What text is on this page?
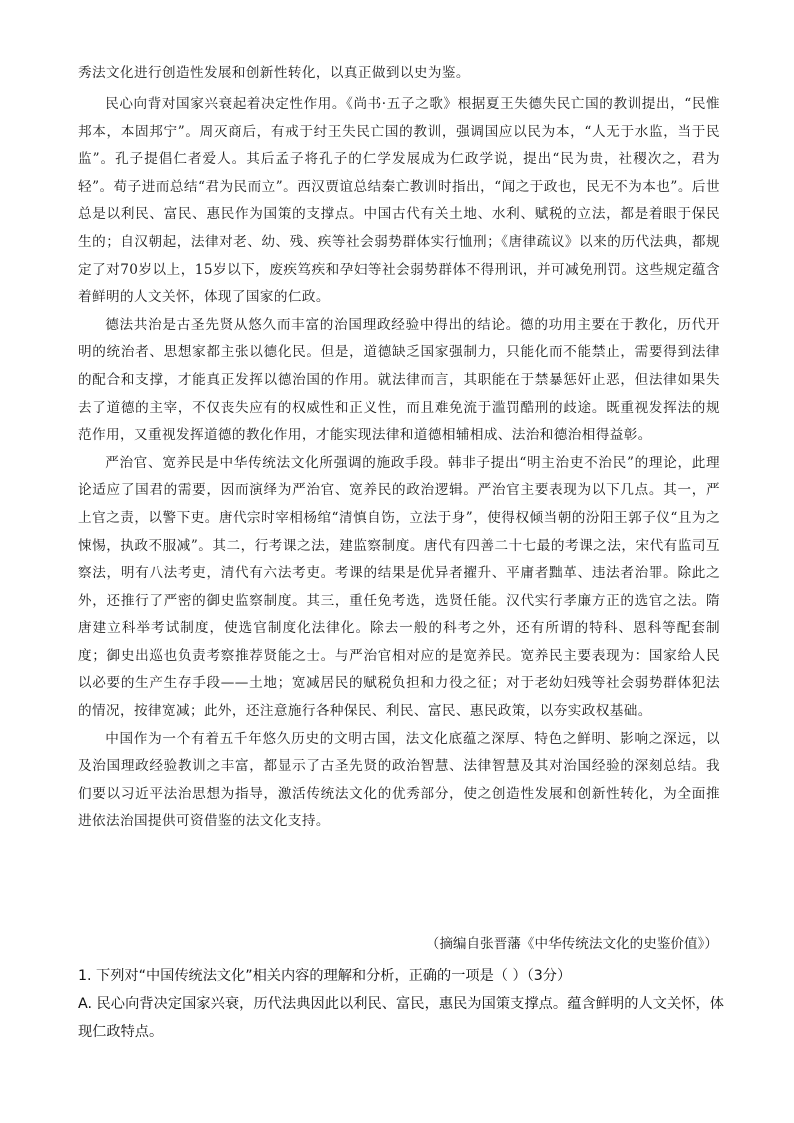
秀法文化进行创造性发展和创新性转化，以真正做到以史为鉴。

民心向背对国家兴衰起着决定性作用。《尚书·五子之歌》根据夏王失德失民亡国的教训提出，“民惟邦本，本固邦宁”。周灭商后，有戒于纣王失民亡国的教训，强调国应以民为本，“人无于水监，当于民监”。孔子提倡仁者爱人。其后孟子将孔子的仁学发展成为仁政学说，提出“民为贵，社稷次之，君为轻”。荀子进而总结“君为民而立”。西汉贾谊总结秦亡教训时指出，“闻之于政也，民无不为本也”。后世总是以利民、富民、惠民作为国策的支撑点。中国古代有关土地、水利、赋税的立法，都是着眼于保民生的；自汉朝起，法律对老、幼、残、疾等社会弱势群体实行恤刑；《唐律疏议》以来的历代法典，都规定了对70岁以上，15岁以下，废疾笃疾和孕妇等社会弱势群体不得刑讯，并可减免刑罚。这些规定蕴含着鲜明的人文关怀，体现了国家的仁政。

德法共治是古圣先贤从悠久而丰富的治国理政经验中得出的结论。德的功用主要在于教化，历代开明的统治者、思想家都主张以德化民。但是，道德缺乏国家强制力，只能化而不能禁止，需要得到法律的配合和支撑，才能真正发挥以德治国的作用。就法律而言，其职能在于禁暴惩奸止恶，但法律如果失去了道德的主宰，不仅丧失应有的权威性和正义性，而且难免流于滥罚酷刑的歧途。既重视发挥法的规范作用，又重视发挥道德的教化作用，才能实现法律和道德相辅相成、法治和德治相得益彰。

严治官、宽养民是中华传统法文化所强调的施政手段。韩非子提出“明主治吏不治民”的理论，此理论适应了国君的需要，因而演绎为严治官、宽养民的政治逻辑。严治官主要表现为以下几点。其一，严上官之责，以警下吏。唐代宗时宰相杨绾“清慎自饬，立法于身”，使得权倾当朝的汾阳王郭子仪“且为之悚惕，执政不服减”。其二，行考课之法，建监察制度。唐代有四善二十七最的考课之法，宋代有监司互察法，明有八法考吏，清代有六法考吏。考课的结果是优异者擢升、平庸者黜革、违法者治罪。除此之外，还推行了严密的御史监察制度。其三，重任免考选，选贤任能。汉代实行孝廉方正的选官之法。隋唐建立科举考试制度，使选官制度化法律化。除去一般的科考之外，还有所谓的特科、恩科等配套制度；御史出巡也负责考察推荐贤能之士。与严治官相对应的是宽养民。宽养民主要表现为：国家给人民以必要的生产生存手段——土地；宽减居民的赋税负担和力役之征；对于老幼妇残等社会弱势群体犯法的情况，按律宽减；此外，还注意施行各种保民、利民、富民、惠民政策，以夯实政权基础。

中国作为一个有着五千年悠久历史的文明古国，法文化底蕴之深厚、特色之鲜明、影响之深远，以及治国理政经验教训之丰富，都显示了古圣先贤的政治智慧、法律智慧及其对治国经验的深刻总结。我们要以习近平法治思想为指导，激活传统法文化的优秀部分，使之创造性发展和创新性转化，为全面推进依法治国提供可资借鉴的法文化支持。

（摘编自张晋藩《中华传统法文化的史鉴价值》）
1. 下列对“中国传统法文化”相关内容的理解和分析，正确的一项是（ ）（3分）
A. 民心向背决定国家兴衰，历代法典因此以利民、富民，惠民为国策支撑点。蕴含鲜明的人文关怀，体现仁政特点。
